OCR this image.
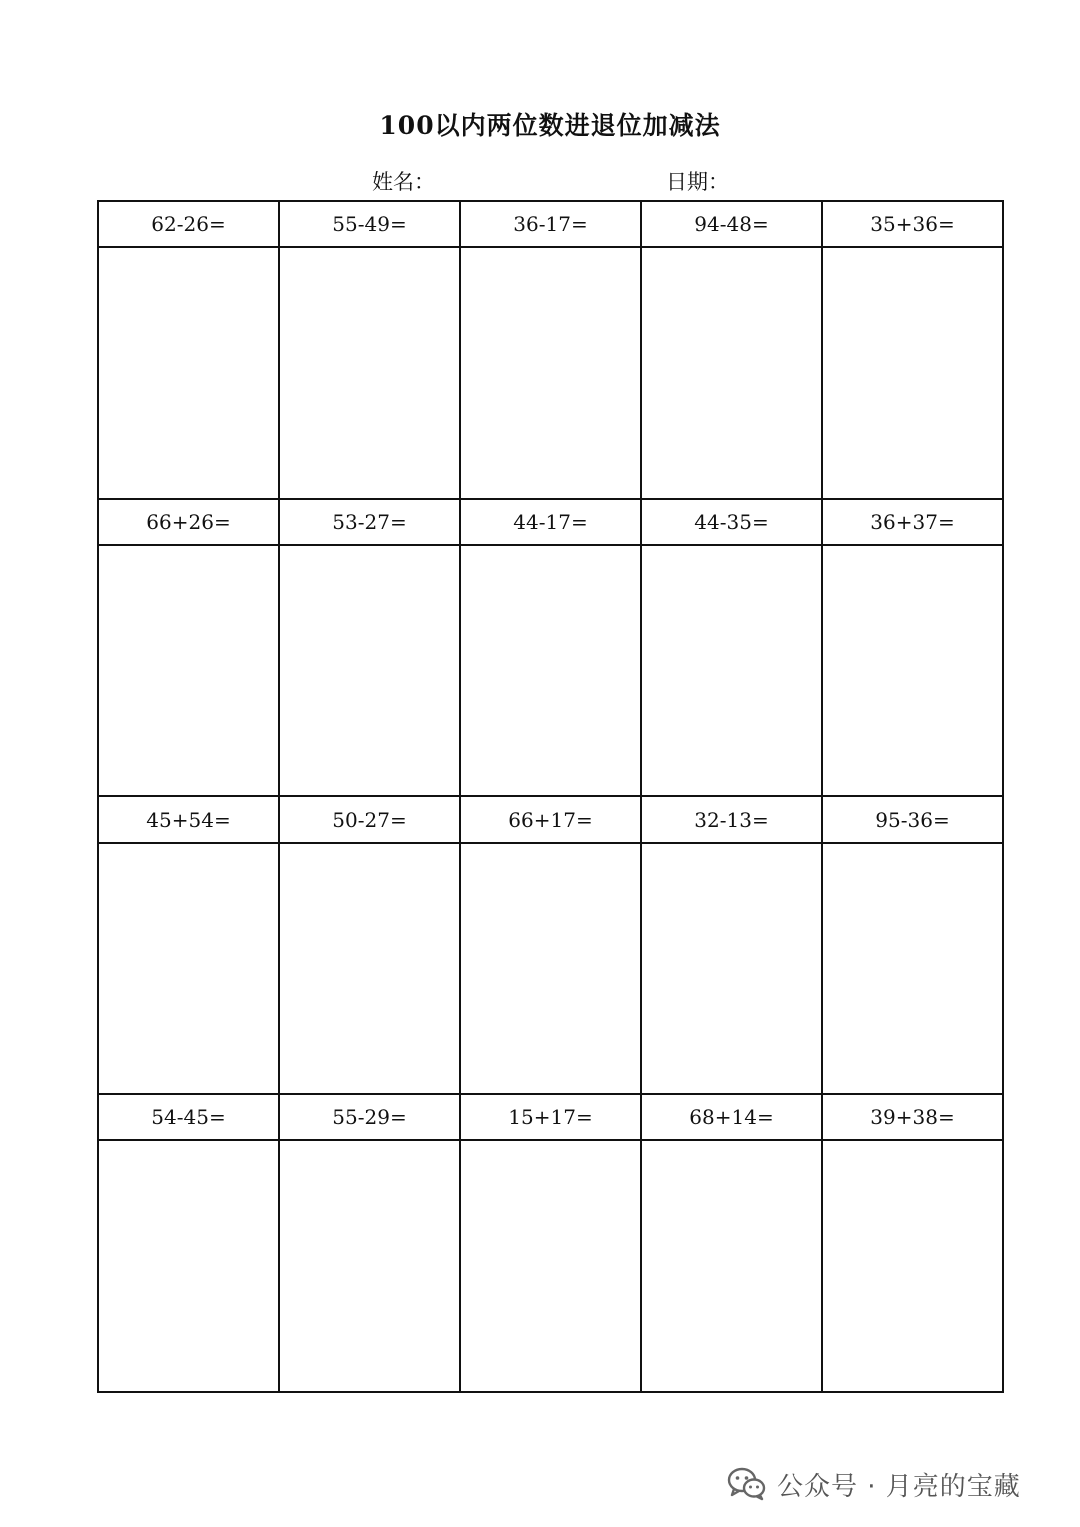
100以内两位数进退位加减法
姓名：	日期：
62-26=	55-49=	36-17=	94-48=	35+36=

66+26=	53-27=	44-17=	44-35=	36+37=

45+54=	50-27=	66+17=	32-13=	95-36=

54-45=	55-29=	15+17=	68+14=	39+38=

公众号 · 月亮的宝藏
